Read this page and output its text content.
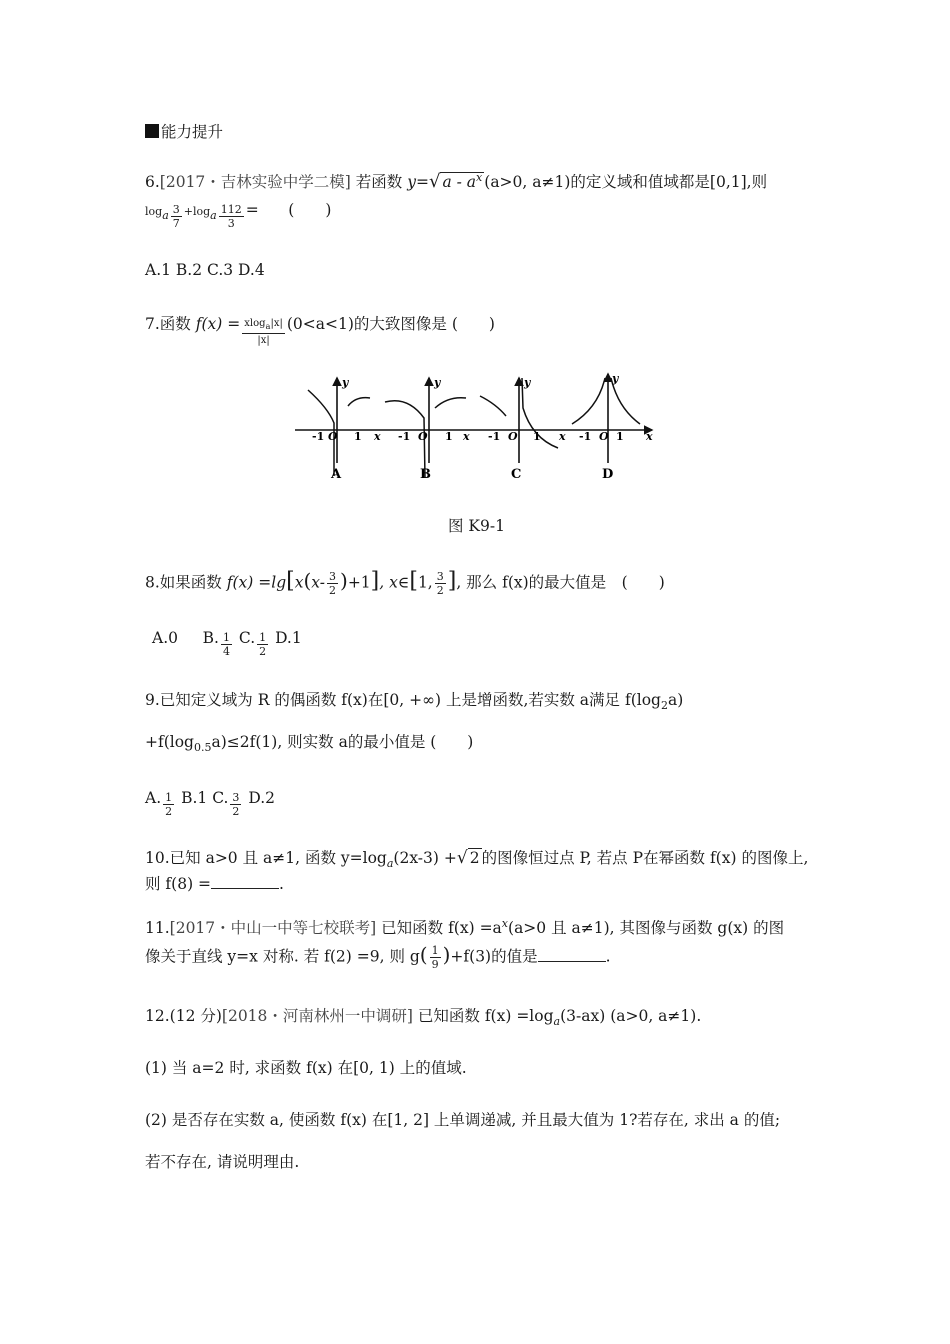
能力提升
6.[2017・吉林实验中学二模] 若函数 y=√ a - $a^x$ (a>0, a≠1)的定义域和值域都是[0,1],则
$\log_a \frac{3}{7} +\log_a \frac{112}{3}$ = (　　)
A.1 B.2 C.3 D.4
7.函数 $f(x) = \frac{xlog_a|x|}{|x|} (0<a<1)$的大致图像是 (　　)
y
-1 O 1 x
A
y
-1 O 1 x
B
y
-1 O 1 x
C
y
-1 O 1 x
D
图 K9-1
8.如果函数 $f(x) =\lg[x(x- \frac{3}{2} )+1]$, x∈[1, $\frac{3}{2}$ ], 那么 f(x)的最大值是　(　　)
A.0 B. $\frac{1}{4} C$. $\frac{1}{2} D.1$
9.已知定义域为 R 的偶函数 f(x)在[0, +∞) 上是增函数,若实数 a满足 $f(\log_2a)$
$+f(\log_{0.5}a)\le 2f(1)$, 则实数 a的最小值是 (　　)
A. $\frac{1}{2} B.1$ C. $\frac{3}{2} D.2$
10.已知 a>0 且 a≠1, 函数 $y=\log_a(2x-3)$ +√ 2 的图像恒过点 P, 若点 P在幂函数 f(x) 的图像上,
则 f(8) =	.
11.[2017・中山一中等七校联考] 已知函数 $f(x) =a^x(a>0$ 且 a≠1), 其图像与函数 g(x) 的图
像关于直线 y=x 对称. 若 f(2) =9, 则 $g( \frac{1}{9} )+f(3)$的值是	.
12.(12 分)[2018・河南林州一中调研] 已知函数 $f(x) =\log_a(3-ax)$ (a>0, a≠1).
(1) 当 a=2 时, 求函数 f(x) 在[0, 1) 上的值域.
(2) 是否存在实数 a, 使函数 f(x) 在[1, 2] 上单调递减, 并且最大值为 1?若存在, 求出 a 的值;
若不存在, 请说明理由.
